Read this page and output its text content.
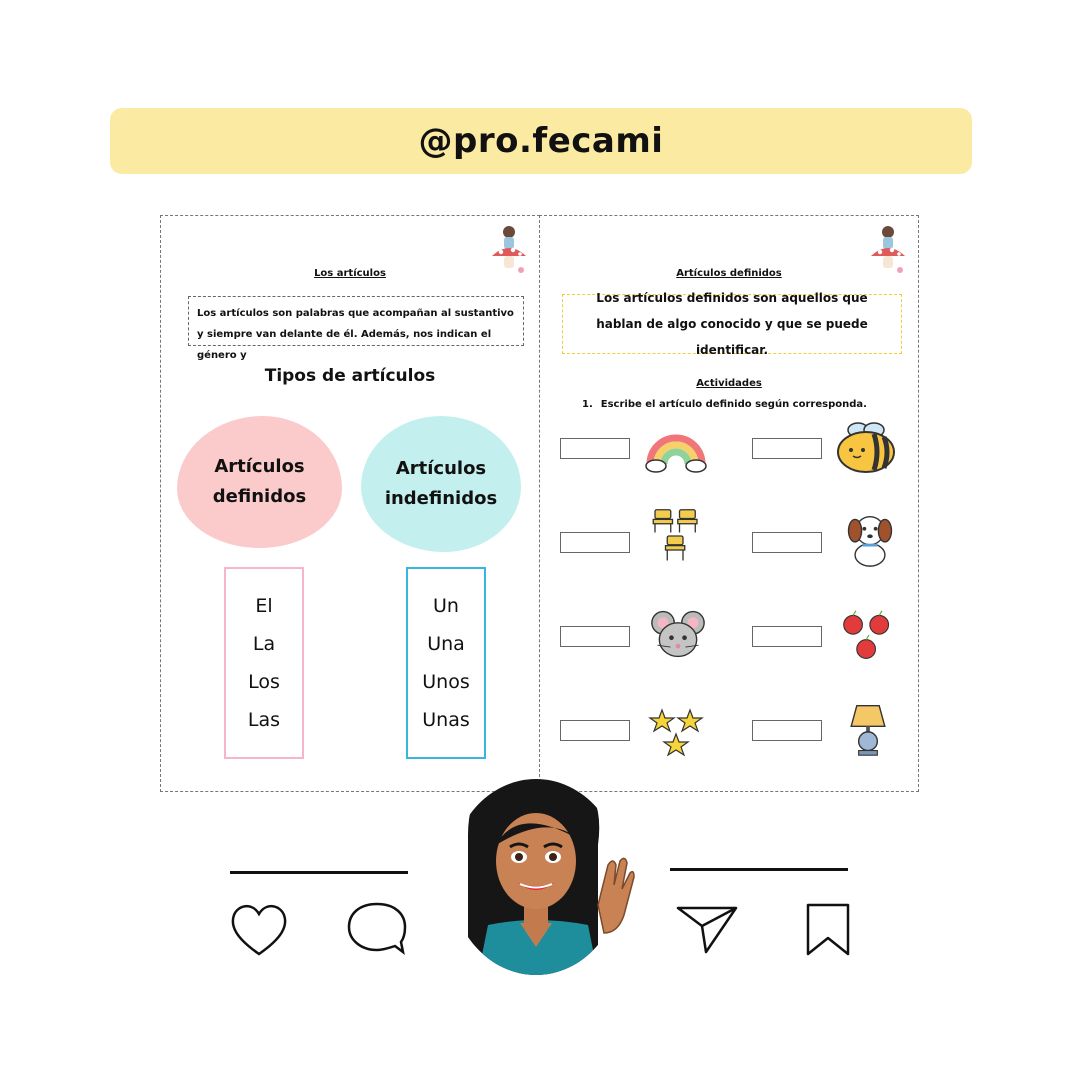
@pro.fecami
Los artículos
Los artículos son palabras que acompañan al sustantivo y siempre van delante de él. Además, nos indican el género y
Tipos de artículos
Artículos
definidos
Artículos
indefinidos
El
La
Los
Las
Un
Una
Unos
Unas
Artículos definidos
Los artículos definidos son aquellos que hablan de algo conocido y que se puede identificar.
Actividades
1. Escribe el artículo definido según corresponda.
